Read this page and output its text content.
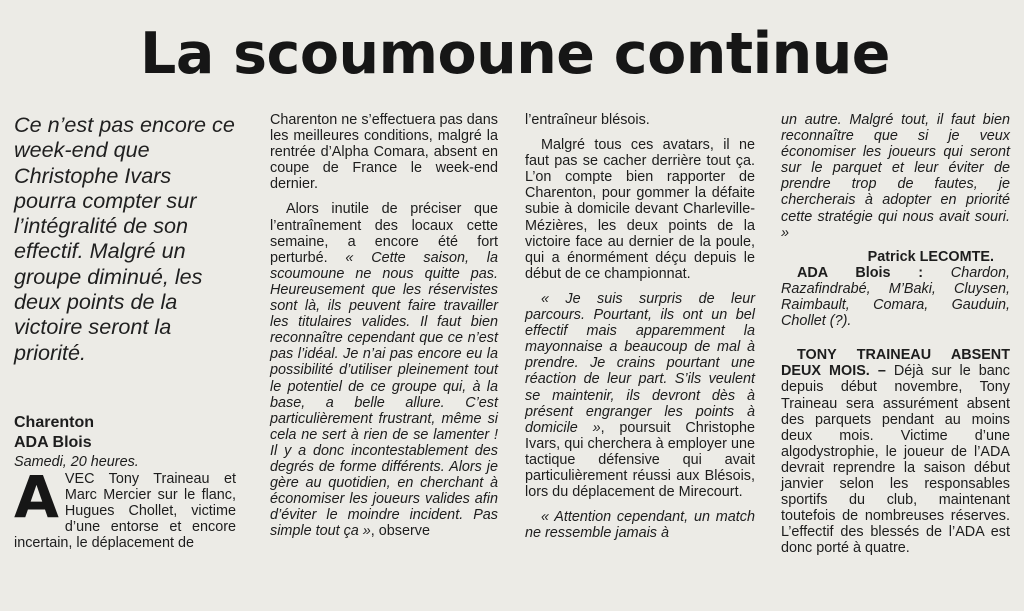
La scoumoune continue

Ce n’est pas encore ce week-end que Christophe Ivars pourra compter sur l’intégralité de son effectif. Malgré un groupe diminué, les deux points de la victoire seront la priorité.

Charenton

ADA Blois

Samedi, 20 heures.

AVEC Tony Traineau et Marc Mercier sur le flanc, Hugues Chollet, victime d’une entorse et encore incertain, le déplacement de

Charenton ne s’effectuera pas dans les meilleures conditions, malgré la rentrée d’Alpha Comara, absent en coupe de France le week-end dernier.

Alors inutile de préciser que l’entraînement des locaux cette semaine, a encore été fort perturbé. « Cette saison, la scoumoune ne nous quitte pas. Heureusement que les réservistes sont là, ils peuvent faire travailler les titulaires valides. Il faut bien reconnaître cependant que ce n’est pas l’idéal. Je n’ai pas encore eu la possibilité d’utiliser pleinement tout le potentiel de ce groupe qui, à la base, a belle allure. C’est particulièrement frustrant, même si cela ne sert à rien de se lamenter ! Il y a donc incontestablement des degrés de forme différents. Alors je gère au quotidien, en cherchant à économiser les joueurs valides afin d’éviter le moindre incident. Pas simple tout ça », observe

l’entraîneur blésois.

Malgré tous ces avatars, il ne faut pas se cacher derrière tout ça. L’on compte bien rapporter de Charenton, pour gommer la défaite subie à domicile devant Charleville-Mézières, les deux points de la victoire face au dernier de la poule, qui a énormément déçu depuis le début de ce championnat.

« Je suis surpris de leur parcours. Pourtant, ils ont un bel effectif mais apparemment la mayonnaise a beaucoup de mal à prendre. Je crains pourtant une réaction de leur part. S’ils veulent se maintenir, ils devront dès à présent engranger les points à domicile », poursuit Christophe Ivars, qui cherchera à employer une tactique défensive qui avait particulièrement réussi aux Blésois, lors du déplacement de Mirecourt.

« Attention cependant, un match ne ressemble jamais à

un autre. Malgré tout, il faut bien reconnaître que si je veux économiser les joueurs qui seront sur le parquet et leur éviter de prendre trop de fautes, je chercherais à adopter en priorité cette stratégie qui nous avait souri. »

Patrick LECOMTE.

ADA Blois : Chardon, Razafindrabé, M’Baki, Cluysen, Raimbault, Comara, Gauduin, Chollet (?).

TONY TRAINEAU ABSENT DEUX MOIS. – Déjà sur le banc depuis début novembre, Tony Traineau sera assurément absent des parquets pendant au moins deux mois. Victime d’une algodystrophie, le joueur de l’ADA devrait reprendre la saison début janvier selon les responsables sportifs du club, maintenant toutefois de nombreuses réserves. L’effectif des blessés de l’ADA est donc porté à quatre.
